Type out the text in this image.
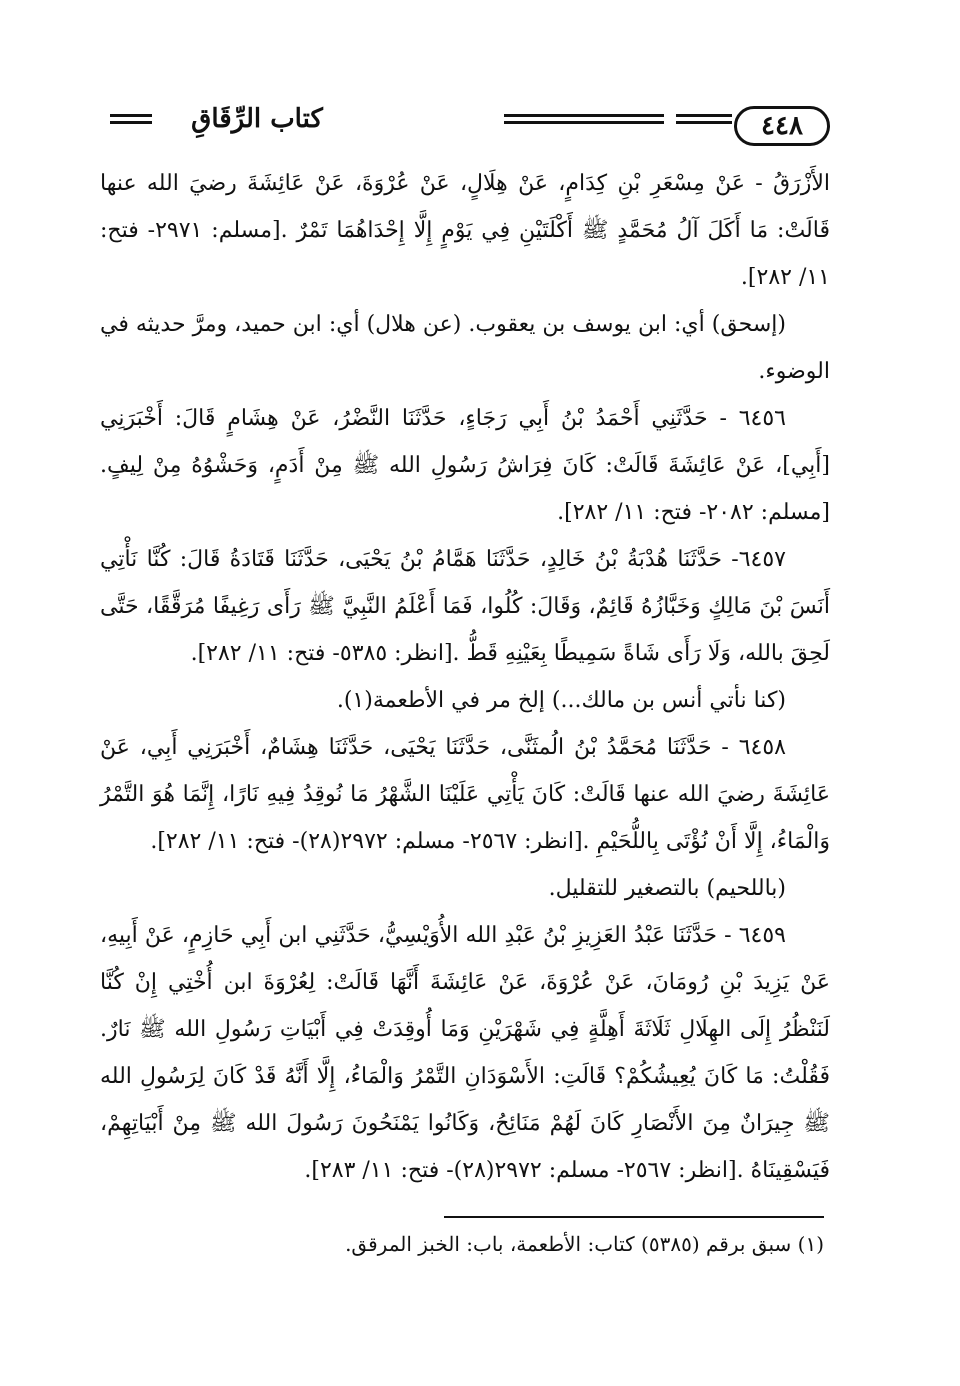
٤٤٨
كتاب الرِّقَاقِ

الأَزْرَقُ - عَنْ مِسْعَرِ بْنِ كِدَامٍ، عَنْ هِلَالٍ، عَنْ عُرْوَةَ، عَنْ عَائِشَةَ رضيَ الله عنها قَالَتْ: مَا أَكَلَ آلُ مُحَمَّدٍ ﷺ أَكْلَتَيْنِ فِي يَوْمٍ إِلَّا إِحْدَاهُمَا تَمْرٌ .[مسلم: ٢٩٧١- فتح: ١١/ ٢٨٢].

(إسحق) أي: ابن يوسف بن يعقوب. (عن هلال) أي: ابن حميد، ومرَّ حديثه في الوضوء.

٦٤٥٦ - حَدَّثَنِي أَحْمَدُ بْنُ أَبِي رَجَاءٍ، حَدَّثَنَا النَّضْرُ، عَنْ هِشَامٍ قَالَ: أَخْبَرَنِي [أَبِي]، عَنْ عَائِشَةَ قَالَتْ: كَانَ فِرَاشُ رَسُولِ الله ﷺ مِنْ أَدَمٍ، وَحَشْوُهُ مِنْ لِيفٍ. [مسلم: ٢٠٨٢- فتح: ١١/ ٢٨٢].

٦٤٥٧- حَدَّثَنَا هُدْبَةُ بْنُ خَالِدٍ، حَدَّثَنَا هَمَّامُ بْنُ يَحْيَى، حَدَّثَنَا قَتَادَةُ قَالَ: كُنَّا نَأْتِي أَنَسَ بْنَ مَالِكٍ وَخَبَّازُهُ قَائِمٌ، وَقَالَ: كُلُوا، فَمَا أَعْلَمُ النَّبِيَّ ﷺ رَأَى رَغِيفًا مُرَقَّقًا، حَتَّى لَحِقَ بالله، وَلَا رَأَى شَاةً سَمِيطًا بِعَيْنِهِ قَطُّ .[انظر: ٥٣٨٥- فتح: ١١/ ٢٨٢].

(كنا نأتي أنس بن مالك...) إلخ مر في الأطعمة(١).

٦٤٥٨ - حَدَّثَنَا مُحَمَّدُ بْنُ الُمثَنَّى، حَدَّثَنَا يَحْيَى، حَدَّثَنَا هِشَامٌ، أَخْبَرَنِي أَبِي، عَنْ عَائِشَةَ رضيَ الله عنها قَالَتْ: كَانَ يَأْتِي عَلَيْنَا الشَّهْرُ مَا نُوقِدُ فِيهِ نَارًا، إِنَّمَا هُوَ التَّمْرُ وَالْمَاءُ، إِلَّا أَنْ نُؤْتَى بِاللُّحَيْمِ .[انظر: ٢٥٦٧- مسلم: ٢٩٧٢(٢٨)- فتح: ١١/ ٢٨٢].

(باللحيم) بالتصغير للتقليل.

٦٤٥٩ - حَدَّثَنَا عَبْدُ العَزِيزِ بْنُ عَبْدِ الله الأُوَيْسِيُّ، حَدَّثَنِي ابن أَبِي حَازِمٍ، عَنْ أَبِيهِ، عَنْ يَزِيدَ بْنِ رُومَانَ، عَنْ عُرْوَةَ، عَنْ عَائِشَةَ أَنَّهَا قَالَتْ: لِعُرْوَةَ ابن أُخْتِي إِنْ كُنَّا لَنَنْظُرُ إِلَى الهِلَالِ ثَلَاثَةَ أَهِلَّةٍ فِي شَهْرَيْنِ وَمَا أُوقِدَتْ فِي أَبْيَاتِ رَسُولِ الله ﷺ نَارٌ. فَقُلْتُ: مَا كَانَ يُعِيشُكُمْ؟ قَالَتِ: الأَسْوَدَانِ التَّمْرُ وَالْمَاءُ، إِلَّا أَنَّهُ قَدْ كَانَ لِرَسُولِ الله ﷺ جِيرَانٌ مِنَ الأَنْصَارِ كَانَ لَهُمْ مَنَائِحُ، وَكَانُوا يَمْنَحُونَ رَسُولَ الله ﷺ مِنْ أَبْيَاتِهِمْ، فَيَسْقِينَاهُ .[انظر: ٢٥٦٧- مسلم: ٢٩٧٢(٢٨)- فتح: ١١/ ٢٨٣].

(١) سبق برقم (٥٣٨٥) كتاب: الأطعمة، باب: الخبز المرقق.
